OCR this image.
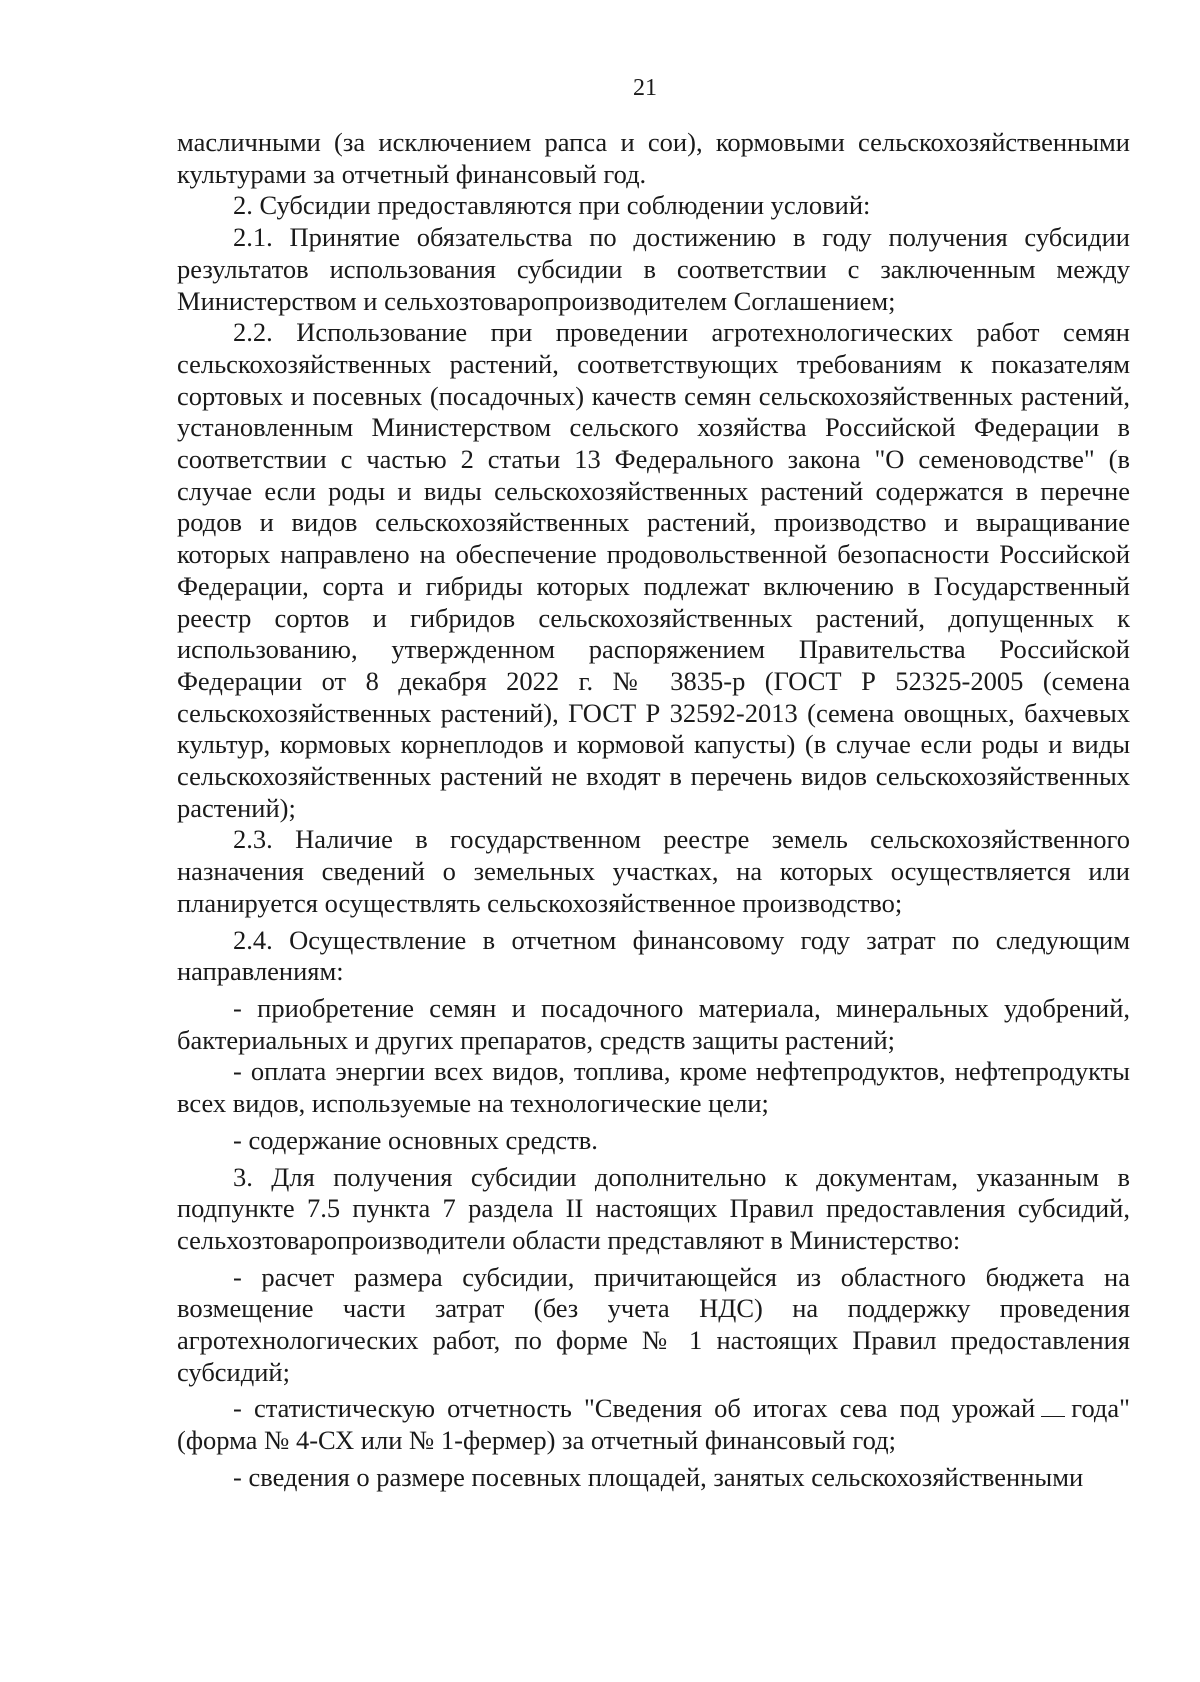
21

масличными (за исключением рапса и сои), кормовыми сельскохозяйственными культурами за отчетный финансовый год.

2. Субсидии предоставляются при соблюдении условий:

2.1. Принятие обязательства по достижению в году получения субсидии результатов использования субсидии в соответствии с заключенным между Министерством и сельхозтоваропроизводителем Соглашением;

2.2. Использование при проведении агротехнологических работ семян сельскохозяйственных растений, соответствующих требованиям к показателям сортовых и посевных (посадочных) качеств семян сельскохозяйственных растений, установленным Министерством сельского хозяйства Российской Федерации в соответствии с частью 2 статьи 13 Федерального закона "О семеноводстве" (в случае если роды и виды сельскохозяйственных растений содержатся в перечне родов и видов сельскохозяйственных растений, производство и выращивание которых направлено на обеспечение продовольственной безопасности Российской Федерации, сорта и гибриды которых подлежат включению в Государственный реестр сортов и гибридов сельскохозяйственных растений, допущенных к использованию, утвержденном распоряжением Правительства Российской Федерации от 8 декабря 2022 г. № 3835-р (ГОСТ Р 52325-2005 (семена сельскохозяйственных растений), ГОСТ Р 32592-2013 (семена овощных, бахчевых культур, кормовых корнеплодов и кормовой капусты) (в случае если роды и виды сельскохозяйственных растений не входят в перечень видов сельскохозяйственных растений);

2.3. Наличие в государственном реестре земель сельскохозяйственного назначения сведений о земельных участках, на которых осуществляется или планируется осуществлять сельскохозяйственное производство;

2.4. Осуществление в отчетном финансовому году затрат по следующим направлениям:

- приобретение семян и посадочного материала, минеральных удобрений, бактериальных и других препаратов, средств защиты растений;

- оплата энергии всех видов, топлива, кроме нефтепродуктов, нефтепродукты всех видов, используемые на технологические цели;

- содержание основных средств.

3. Для получения субсидии дополнительно к документам, указанным в подпункте 7.5 пункта 7 раздела II настоящих Правил предоставления субсидий, сельхозтоваропроизводители области представляют в Министерство:

- расчет размера субсидии, причитающейся из областного бюджета на возмещение части затрат (без учета НДС) на поддержку проведения агротехнологических работ, по форме № 1 настоящих Правил предоставления субсидий;

- статистическую отчетность "Сведения об итогах сева под урожай года" (форма № 4-СХ или № 1-фермер) за отчетный финансовый год;

- сведения о размере посевных площадей, занятых сельскохозяйственными
